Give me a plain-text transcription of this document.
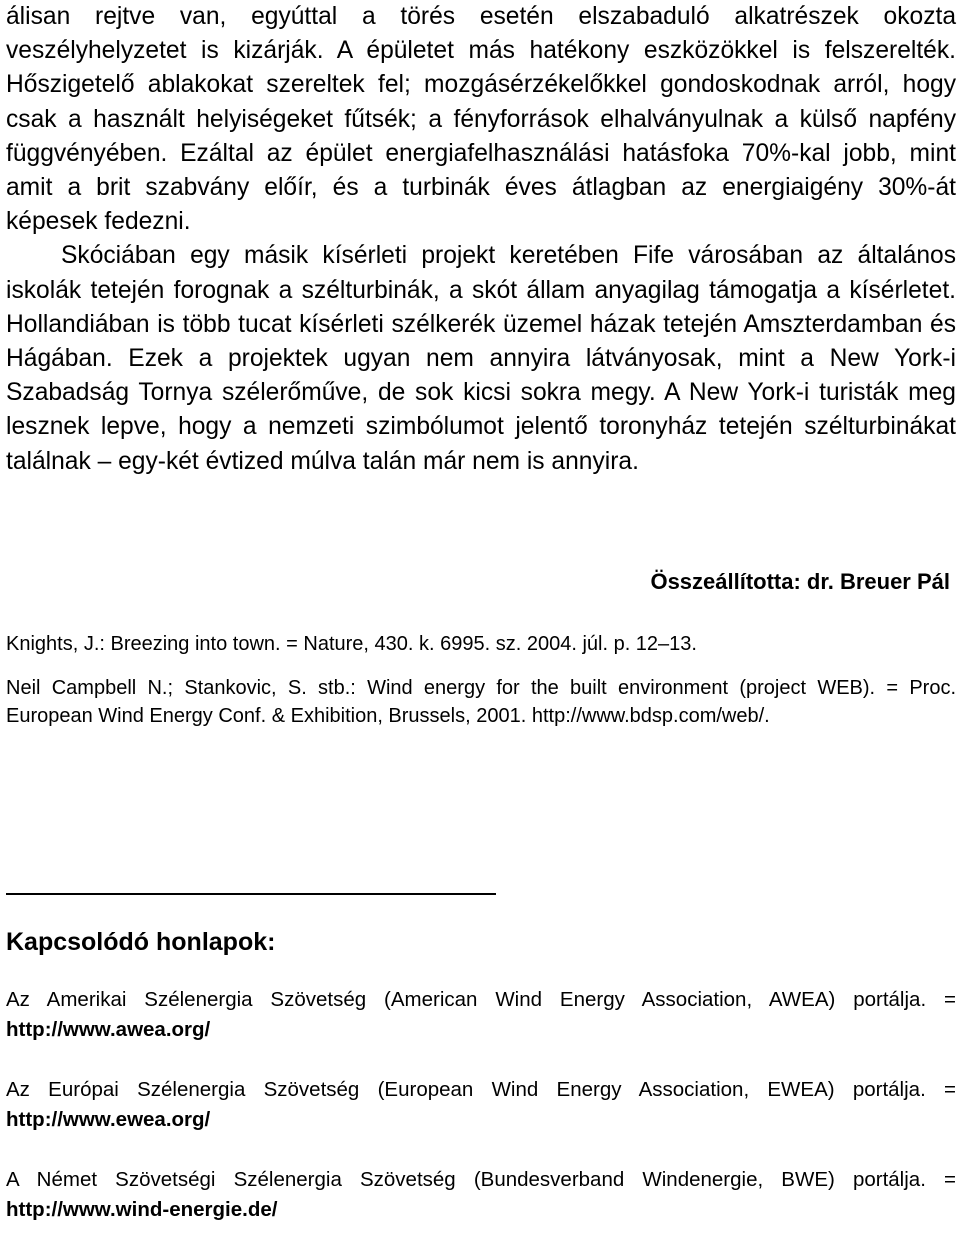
álisan rejtve van, egyúttal a törés esetén elszabaduló alkatrészek okozta veszélyhelyzetet is kizárják. A épületet más hatékony eszközökkel is felszerelték. Hőszigetelő ablakokat szereltek fel; mozgásérzékelőkkel gondoskodnak arról, hogy csak a használt helyiségeket fűtsék; a fényforrások elhalványulnak a külső napfény függvényében. Ezáltal az épület energiafelhasználási hatásfoka 70%-kal jobb, mint amit a brit szabvány előír, és a turbinák éves átlagban az energiaigény 30%-át képesek fedezni.

Skóciában egy másik kísérleti projekt keretében Fife városában az általános iskolák tetején forognak a szélturbinák, a skót állam anyagilag támogatja a kísérletet. Hollandiában is több tucat kísérleti szélkerék üzemel házak tetején Amszterdamban és Hágában. Ezek a projektek ugyan nem annyira látványosak, mint a New York-i Szabadság Tornya szélerőműve, de sok kicsi sokra megy. A New York-i turisták meg lesznek lepve, hogy a nemzeti szimbólumot jelentő toronyház tetején szélturbinákat találnak – egy-két évtized múlva talán már nem is annyira.

Összeállította: dr. Breuer Pál

Knights, J.: Breezing into town. = Nature, 430. k. 6995. sz. 2004. júl. p. 12–13.

Neil Campbell N.; Stankovic, S. stb.: Wind energy for the built environment (project WEB). = Proc. European Wind Energy Conf. & Exhibition, Brussels, 2001. http://www.bdsp.com/web/.

Kapcsolódó honlapok:

Az Amerikai Szélenergia Szövetség (American Wind Energy Association, AWEA) portálja. = http://www.awea.org/

Az Európai Szélenergia Szövetség (European Wind Energy Association, EWEA) portálja. = http://www.ewea.org/

A Német Szövetségi Szélenergia Szövetség (Bundesverband Windenergie, BWE) portálja. = http://www.wind-energie.de/
